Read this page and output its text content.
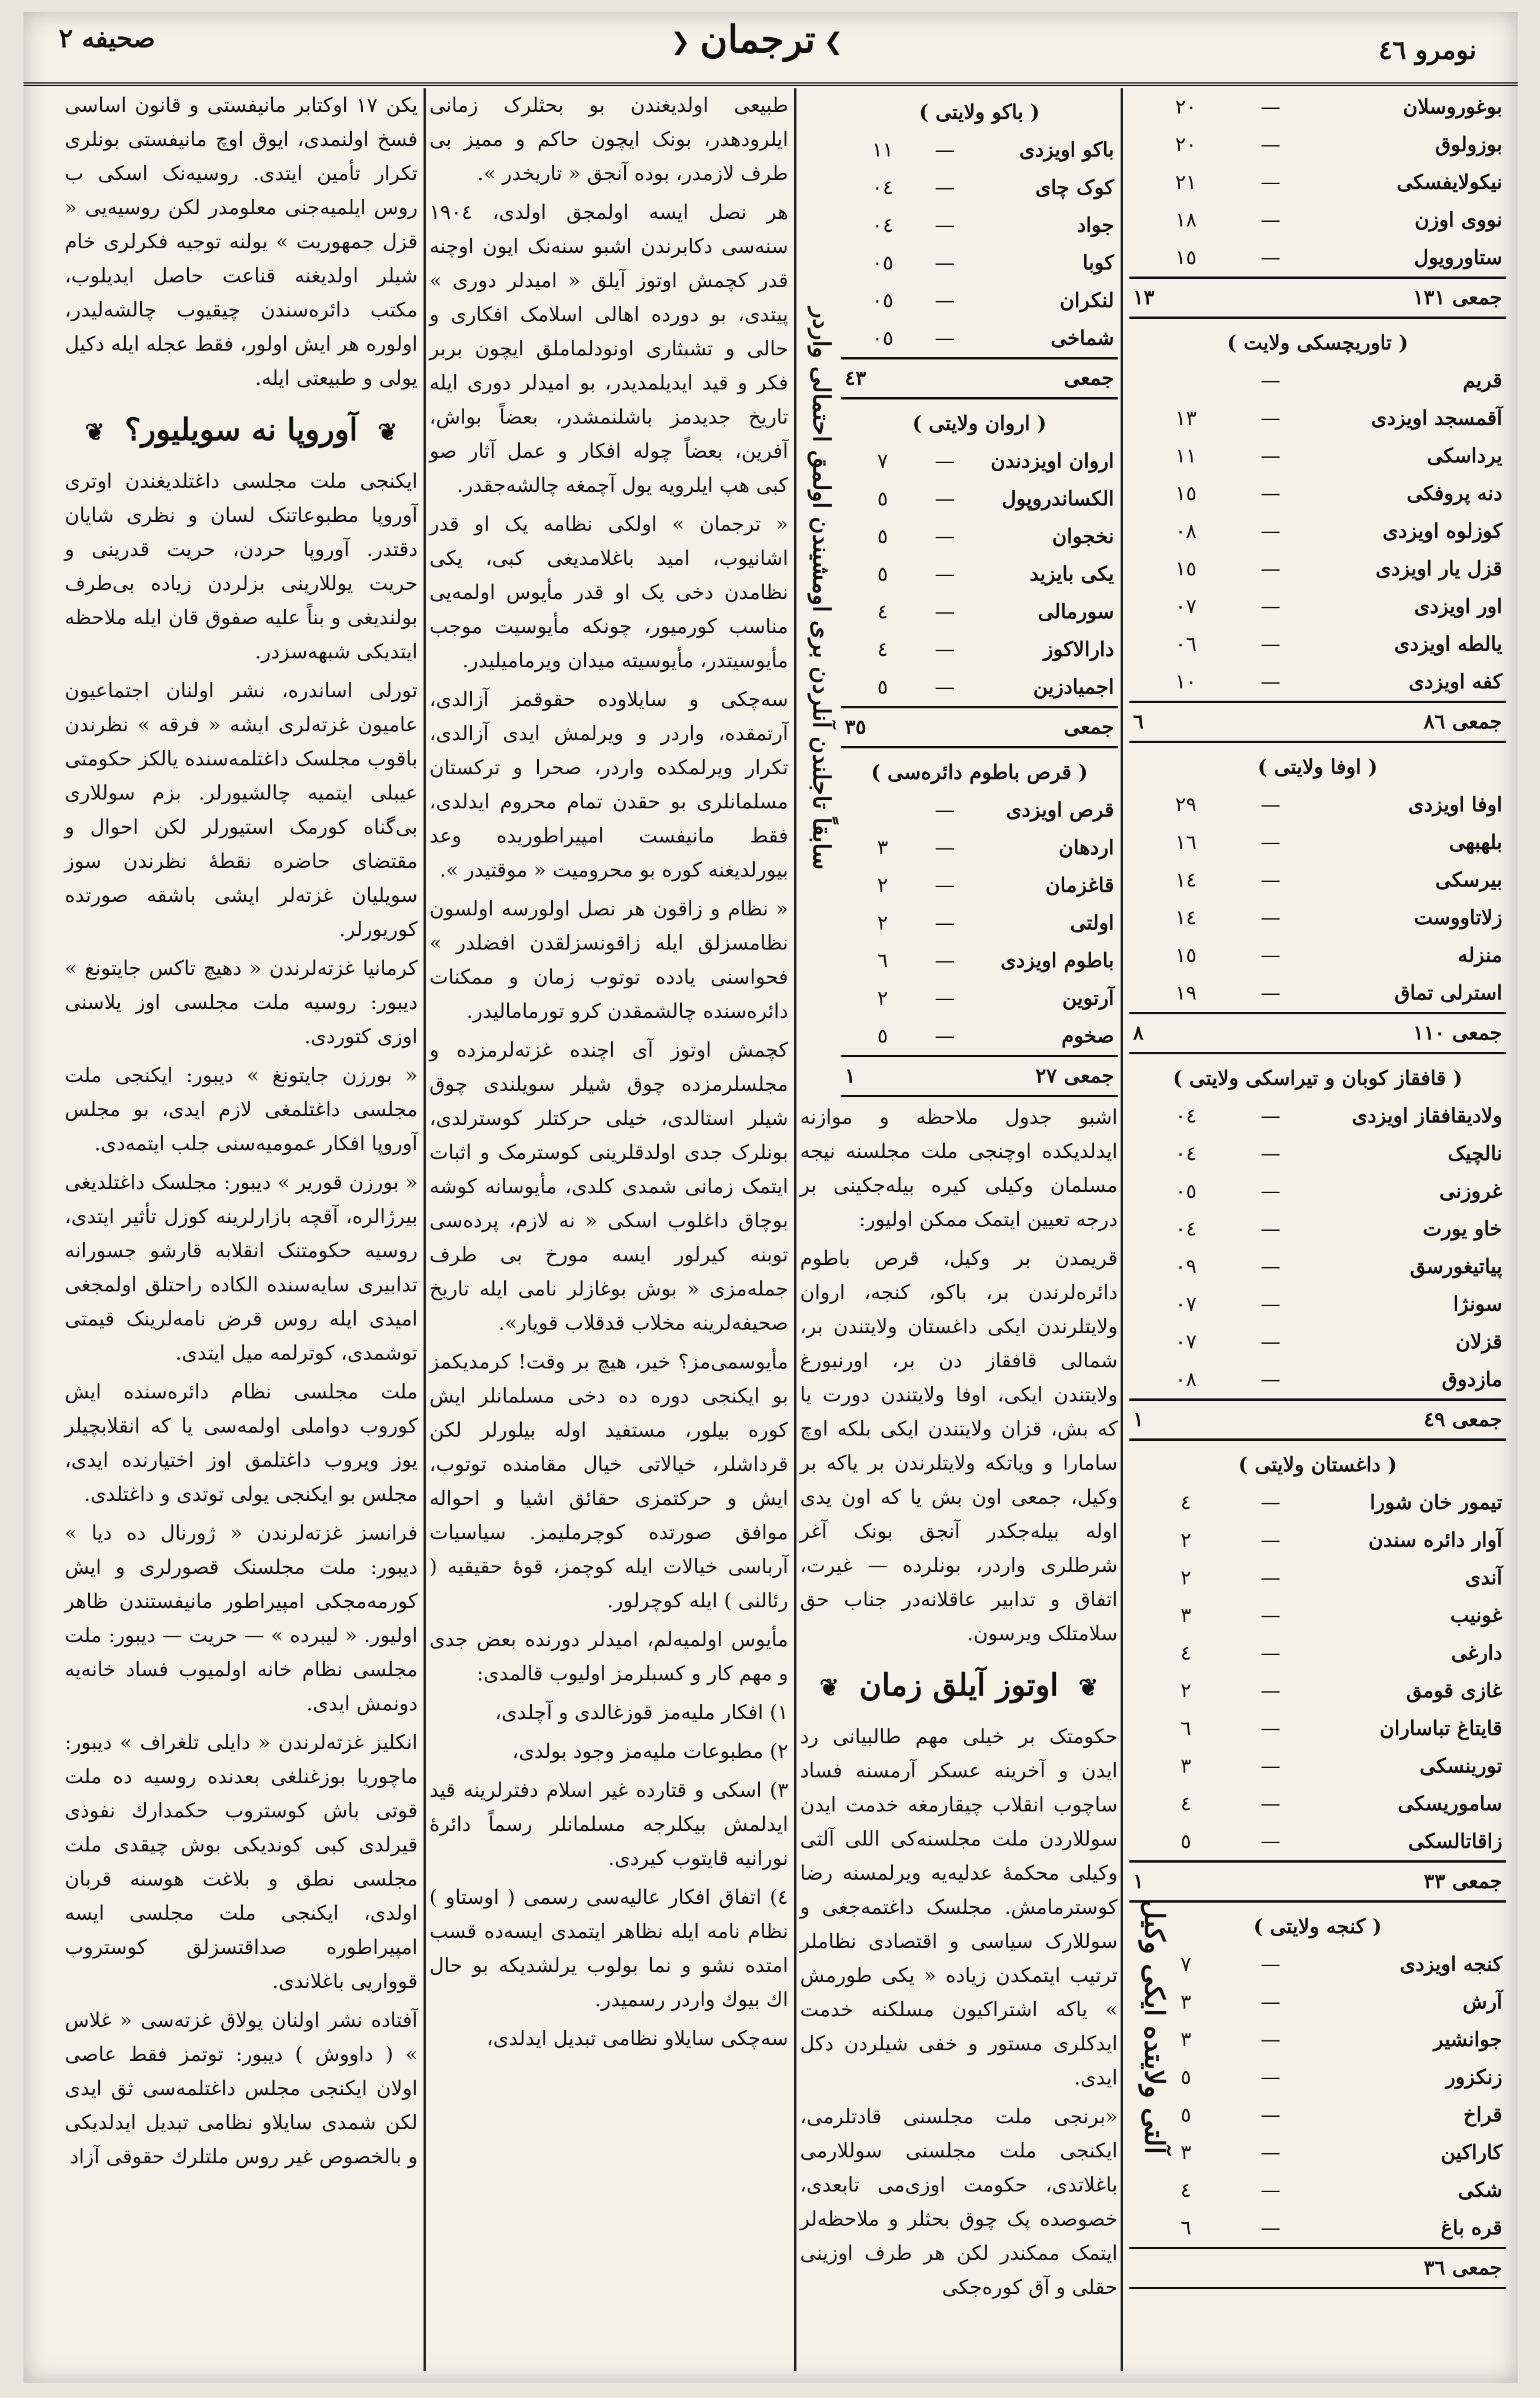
نومرو ٤٦
❮ ترجمان ❯
صحيفه ٢
بوغوروسلان	—	٢٠
بوزولوق	—	٢٠
نیکولایفسکی	—	٢١
نووی اوزن	—	١٨
ستاورویول	—	١٥
جمعی ١٣١		١٣
( تاوریچسکی ولایت )		
قریم	—	
آقمسجد اویزدی	—	١٣
یرداسکی	—	١١
دنه پروفکی	—	١٥
کوزلوه اویزدی	—	٠٨
قزل یار اویزدی	—	١٥
اور اویزدی	—	٠٧
یالطه اویزدی	—	٠٦
کفه اویزدی	—	١٠
جمعی ٨٦		٦
( اوفا ولایتی )		
اوفا اویزدی	—	٢٩
بلهبهی	—	١٦
بیرسکی	—	١٤
زلاتاووست	—	١٤
منزله	—	١٥
استرلی تماق	—	١٩
جمعی ١١٠		٨
( قافقاز کوبان و تیراسکی ولایتی )		
ولادیقافقاز اویزدی	—	٠٤
نالچیک	—	٠٤
غروزنی	—	٠٥
خاو یورت	—	٠٤
پیاتیغورسق	—	٠٩
سونژا	—	٠٧
قزلان	—	٠٧
مازدوق	—	٠٨
جمعی ٤٩		١
( داغستان ولایتی )		
تیمور خان شورا	—	٤
آوار دائره سندن	—	٢
آندی	—	٢
غونیب	—	٣
دارغی	—	٤
غازی قومق	—	٢
قایتاغ تباساران	—	٦
تورینسکی	—	٣
ساموریسکی	—	٤
زاقاتالسکی	—	٥
جمعی ٣٣		١
( کنجه ولایتی )		
کنجه اویزدی	—	٧
آرش	—	٣
جوانشیر	—	٣
زنکزور	—	٥
قراخ	—	٥
کاراکین	—	٣
شکی	—	٤
قره باغ	—	٦
جمعی ٣٦		
آلتی ولایتده ایکی وکیل
سابقاً تاجلندن آنلردن بری اومشیندن اولمق احتمالی واردر
( باکو ولایتی )		
باکو اویزدی	—	١١
کوک چای	—	٠٤
جواد	—	٠٤
کوبا	—	٠٥
لنکران	—	٠٥
شماخی	—	٠٥
جمعی		٤٣
( اروان ولایتی )		
اروان اویزدندن	—	٧
الکساندروپول	—	٥
نخجوان	—	٥
یکی بایزید	—	٥
سورمالی	—	٤
دارالاکوز	—	٤
اجمیادزین	—	٥
جمعی		٣٥
( قرص باطوم دائره‌سی )		
قرص اویزدی	—	
اردهان	—	٣
قاغزمان	—	٢
اولتی	—	٢
باطوم اویزدی	—	٦
آرتوین	—	٢
صخوم	—	٥
جمعی ٢٧		١

اشبو جدول ملاحظه و موازنه ایدلدیکده اوچنجی ملت مجلسنه نیجه مسلمان وکیلی کیره بیله‌جکینی بر درجه تعیین ایتمک ممکن اولیور:

قریمدن بر وکیل، قرص باطوم دائره‌لرندن بر، باکو، کنجه، اروان ولایتلرندن ایکی داغستان ولایتندن بر، شمالی قافقاز دن بر، اورنبورغ ولایتندن ایکی، اوفا ولایتندن دورت یا که بش، قزان ولایتندن ایکی بلکه اوچ سامارا و ویاتکه ولایتلرندن بر یاکه بر وکیل، جمعی اون بش یا که اون یدی اوله بیله‌جکدر آنجق بونک آغر شرطلری واردر، بونلرده — غیرت، اتفاق و تدابیر عاقلانه‌در جناب حق سلامتلک ویرسون.

❦ اوتوز آیلق زمان ❦

حکومتک بر خیلی مهم طالبیانی رد ایدن و آخرینه عسکر آرمسنه فساد ساچوب انقلاب چیقارمغه خدمت ایدن سوللاردن ملت مجلسنه‌کی اللی آلتی وکیلی محکمهٔ عدلیه‌یه ویرلمسنه رضا کوسترمامش. مجلسک داغتمه‌جغی و سوللارک سیاسی و اقتصادی نظاملر ترتیب ایتمکدن زیاده « یکی طورمش » یاکه اشتراکیون مسلکنه خدمت ایدکلری مستور و خفی شیلردن دکل ایدی.

«برنجی ملت مجلسنی قادتلرمی، ایکنجی ملت مجلسنی سوللارمی باغلاتدی، حکومت اوزی‌می تابعدی، خصوصده پک چوق بحثلر و ملاحظه‌لر ایتمک ممکندر لکن هر طرف اوزینی حقلی و آق کوره‌جکی

طبیعی اولدیغندن بو بحثلرک زمانی ایلرودهدر، بونک ایچون حاکم و ممیز بی طرف لازمدر، بوده آنجق « تاریخدر ».

هر نصل ایسه اولمجق اولدی، ١٩٠٤ سنه‌سی دکابرندن اشبو سنه‌نک ایون اوچنه قدر کچمش اوتوز آیلق « امیدلر دوری » پیتدی، بو دورده اهالی اسلامک افکاری و حالی و تشبثاری اونودلماملق ایچون بربر فکر و قید ایدیلمدیدر، بو امیدلر دوری ایله تاریخ جدیدمز باشلنمشدر، بعضاً بواش، آفرین، بعضاً چوله افکار و عمل آثار صو کبی هپ ایلرویه یول آچمغه چالشه‌جقدر.

« ترجمان » اولکی نظامه یک او قدر اشانیوب، امید باغلامدیغی کبی، یکی نظامدن دخی یک او قدر مأیوس اولمه‌یی مناسب کورمیور، چونکه مأیوسیت موجب مأیوسیتدر، مأیوسیته میدان ویرمامیلیدر.

سه‌چکی و سایلاوده حقوقمز آزالدی، آرتمقده، واردر و ویرلمش ایدی آزالدی، تکرار ویرلمکده واردر، صحرا و ترکستان مسلمانلری بو حقدن تمام محروم ایدلدی، فقط مانیفست امپیراطوریده وعد بیورلدیغنه کوره بو محرومیت « موقتیدر ».

« نظام و زاقون هر نصل اولورسه اولسون نظامسزلق ایله زاقونسزلقدن افضلدر » فحواسنی یادده توتوب زمان و ممکنات دائره‌سنده چالشمقدن کرو تورمامالیدر.

کچمش اوتوز آی اچنده غزته‌لرمزده و مجلسلرمزده چوق شیلر سویلندی چوق شیلر استالدی، خیلی حرکتلر کوسترلدی، بونلرک جدی اولدقلرینی کوسترمک و اثبات ایتمک زمانی شمدی کلدی، مأیوسانه کوشه بوچاق داغلوب اسکی « نه لازم، پرده‌سی توبنه کیرلور ایسه مورخ بی طرف جمله‌مزی « بوش بوغازلر نامی ایله تاریخ صحیفه‌لرینه مخلاب قدقلاب قویار».

مأیوسمی‌مز؟ خیر، هیچ بر وقت! کرمدیکمز بو ایکنجی دوره ده دخی مسلمانلر ایش کوره بیلور، مستفید اوله بیلورلر لکن قرداشلر، خیالاتی خیال مقامنده توتوب، ایش و حرکتمزی حقائق اشیا و احواله موافق صورتده کوچرملیمز. سیاسیات آرباسی خیالات ایله کوچمز، قوهٔ حقیقیه ( رئالنی ) ایله کوچرلور.

مأیوس اولمیه‌لم، امیدلر دورنده بعض جدی و مهم کار و کسبلرمز اولیوب قالمدی:

١) افکار ملیه‌مز قوزغالدی و آچلدی،

٢) مطبوعات ملیه‌مز وجود بولدی،

٣) اسکی و قتارده غیر اسلام دفترلرینه قید ایدلمش بیکلرجه مسلمانلر رسماً دائرهٔ نورانیه قایتوب کیردی.

٤) اتفاق افکار عالیه‌سی رسمی ( اوستاو ) نظام نامه ایله نظاهر ایتمدی ایسه‌ده قسب امتده نشو و نما بولوب یرلشدیکه بو حال اك بیوك واردر رسمیدر.

سه‌چکی سایلاو نظامی تبدیل ایدلدی،

یکن ١٧ اوکتابر مانیفستی و قانون اساسی فسخ اولنمدی، ایوق اوچ مانیفستی بونلری تکرار تأمین ایتدی. روسیه‌نک اسکی ب روس ایلمیه‌جنی معلومدر لکن روسیه‌یی « قزل جمهوریت » یولنه توجیه فکرلری خام شیلر اولدیغنه قناعت حاصل ایدیلوب، مکتب دائره‌سندن چیقیوب چالشه‌لیدر، اولوره هر ایش اولور، فقط عجله ایله دکیل یولی و طبیعتی ایله.

❦ آوروپا نه سویلیور؟ ❦

ایکنجی ملت مجلسی داغتلدیغندن اوتری آوروپا مطبوعاتنک لسان و نظری شایان دقتدر. آوروپا حردن، حریت قدرینی و حریت یوللارینی بزلردن زیاده بی‌طرف بولندیغی و بناً علیه صفوق قان ایله ملاحظه ایتدیکی شبهه‌سزدر.

تورلی اساندره، نشر اولنان اجتماعیون عامیون غزته‌لری ایشه « فرقه » نظرندن باقوب مجلسک داغتلمه‌سنده یالکز حکومتی عیبلی ایتمیه چالشیورلر. بزم سوللاری بی‌گناه کورمک استیورلر لکن احوال و مقتضای حاضره نقطهٔ نظرندن سوز سویلیان غزته‌لر ایشی باشقه صورتده کوریورلر.

کرمانیا غزته‌لرندن « دهیچ تاکس جایتونغ » دیبور: روسیه ملت مجلسی اوز یلاسنی اوزی کتوردی.

« بورزن جایتونغ » دیبور: ایکنجی ملت مجلسی داغتلمغی لازم ایدی، بو مجلس آوروپا افکار عمومیه‌سنی جلب ایتمه‌دی.

« بورزن قورير » دیبور: مجلسک داغتلدیغی بیرژالره، آقچه بازارلرینه کوزل تأثیر ایتدی، روسیه حکومتنک انقلابه قارشو جسورانه تدابیری سایه‌سنده الکاده راحتلق اولمجغی امیدی ایله روس قرض نامه‌لرینک قیمتی توشمدی، کوترلمه میل ایتدی.

ملت مجلسی نظام دائره‌سنده ایش کوروب دواملی اولمه‌سی یا که انقلابچیلر یوز ویروب داغتلمق اوز اختیارنده ایدی، مجلس بو ایکنجی یولی توتدی و داغتلدی.

فرانسز غزته‌لرندن « ژورنال ده دیا » دیبور: ملت مجلسنک قصورلری و ایش کورمه‌مجکی امپیراطور مانیفستندن ظاهر اولیور. « لیبرده » — حریت — دیبور: ملت مجلسی نظام خانه اولمیوب فساد خانه‌یه دونمش ایدی.

انکلیز غزته‌لرندن « دایلی تلغراف » دیبور: ماچوریا بوزغنلغی بعدنده روسیه ده ملت قوتی باش کوستروب حکمدارك نفوذی قیرلدی کبی کوندیکی بوش چیقدی ملت مجلسی نطق و بلاغت هوسنه قربان اولدی، ایکنجی ملت مجلسی ایسه امپیراطوره صداقتسزلق کوستروب قوواریی باغلاندی.

آفتاده نشر اولنان یولاق غزته‌سی « غلاس » ( داووش ) دیبور: توتمز فقط عاصی اولان ایکنجی مجلس داغتلمه‌سی ثق ایدی لکن شمدی سایلاو نظامی تبدیل ایدلدیکی و بالخصوص غیر روس ملتلرك حقوقی آزاد
